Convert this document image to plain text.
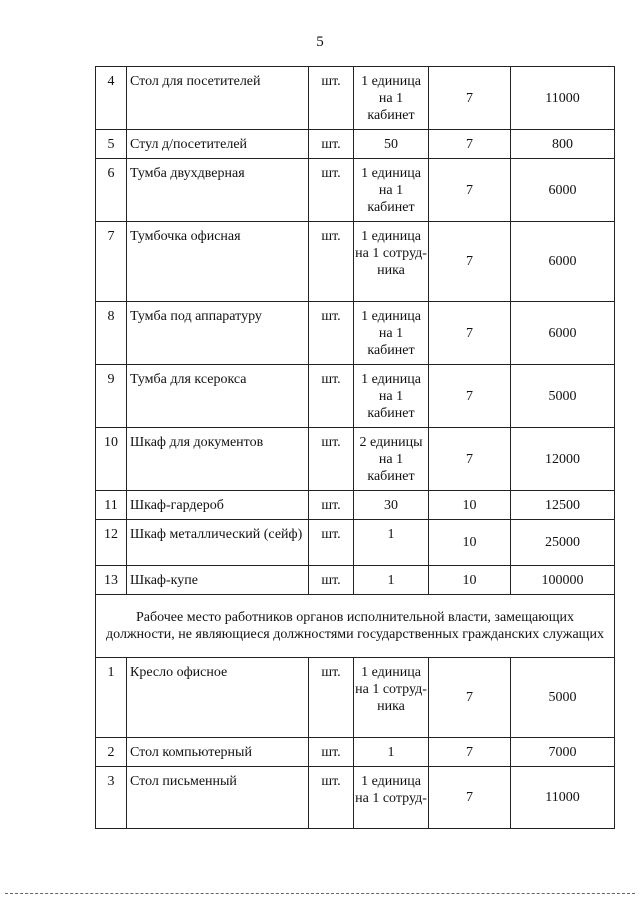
5
4	Стол для посетителей	шт.	1 единица на 1 кабинет	7	11000
5	Стул д/посетителей	шт.	50	7	800
6	Тумба двухдверная	шт.	1 единица на 1 кабинет	7	6000
7	Тумбочка офисная	шт.	1 единица на 1 сотруд-ника	7	6000
8	Тумба под аппаратуру	шт.	1 единица на 1 кабинет	7	6000
9	Тумба для ксерокса	шт.	1 единица на 1 кабинет	7	5000
10	Шкаф для документов	шт.	2 единицы на 1 кабинет	7	12000
11	Шкаф-гардероб	шт.	30	10	12500
12	Шкаф металлический (сейф)	шт.	1	10	25000
13	Шкаф-купе	шт.	1	10	100000
Рабочее место работников органов исполнительной власти, замещающих должности, не являющиеся должностями государственных гражданских служащих					
1	Кресло офисное	шт.	1 единица на 1 сотруд-ника	7	5000
2	Стол компьютерный	шт.	1	7	7000
3	Стол письменный	шт.	1 единица на 1 сотруд-	7	11000
